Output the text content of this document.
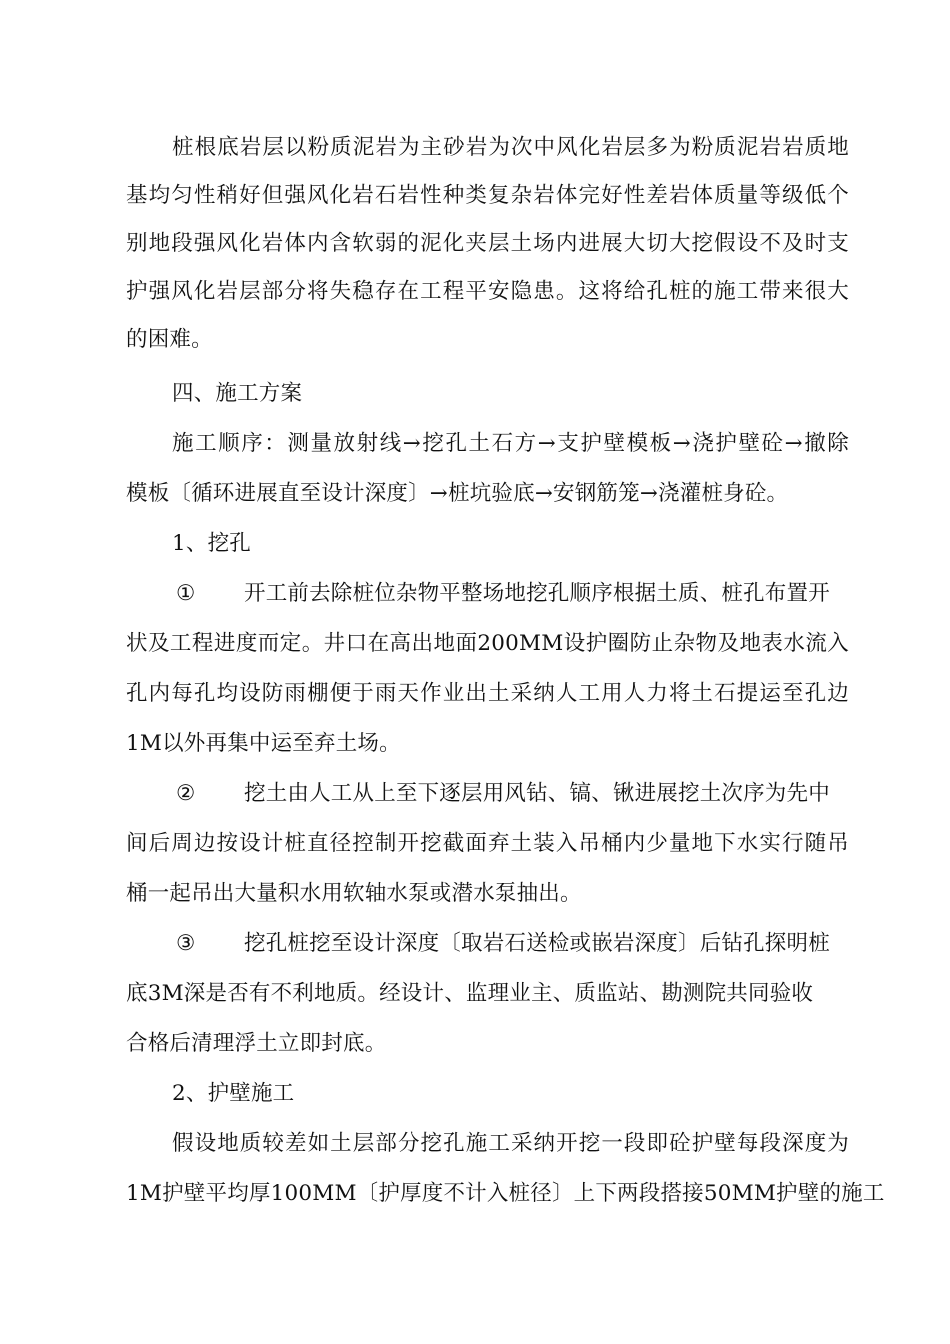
桩根底岩层以粉质泥岩为主砂岩为次中风化岩层多为粉质泥岩岩质地
基均匀性稍好但强风化岩石岩性种类复杂岩体完好性差岩体质量等级低个
别地段强风化岩体内含软弱的泥化夹层土场内进展大切大挖假设不及时支
护强风化岩层部分将失稳存在工程平安隐患。这将给孔桩的施工带来很大
的困难。
四、施工方案
施工顺序：测量放射线→挖孔土石方→支护壁模板→浇护壁砼→撤除
模板〔循环进展直至设计深度〕→桩坑验底→安钢筋笼→浇灌桩身砼。
1、挖孔
① 开工前去除桩位杂物平整场地挖孔顺序根据土质、桩孔布置开
状及工程进度而定。井口在高出地面200MM设护圈防止杂物及地表水流入
孔内每孔均设防雨棚便于雨天作业出土采纳人工用人力将土石提运至孔边
1M以外再集中运至弃土场。
② 挖土由人工从上至下逐层用风钻、镐、锹进展挖土次序为先中
间后周边按设计桩直径控制开挖截面弃土装入吊桶内少量地下水实行随吊
桶一起吊出大量积水用软轴水泵或潜水泵抽出。
③ 挖孔桩挖至设计深度〔取岩石送检或嵌岩深度〕后钻孔探明桩
底3M深是否有不利地质。经设计、监理业主、质监站、勘测院共同验收
合格后清理浮土立即封底。
2、护壁施工
假设地质较差如土层部分挖孔施工采纳开挖一段即砼护壁每段深度为
1M护壁平均厚100MM〔护厚度不计入桩径〕上下两段搭接50MM护壁的施工
